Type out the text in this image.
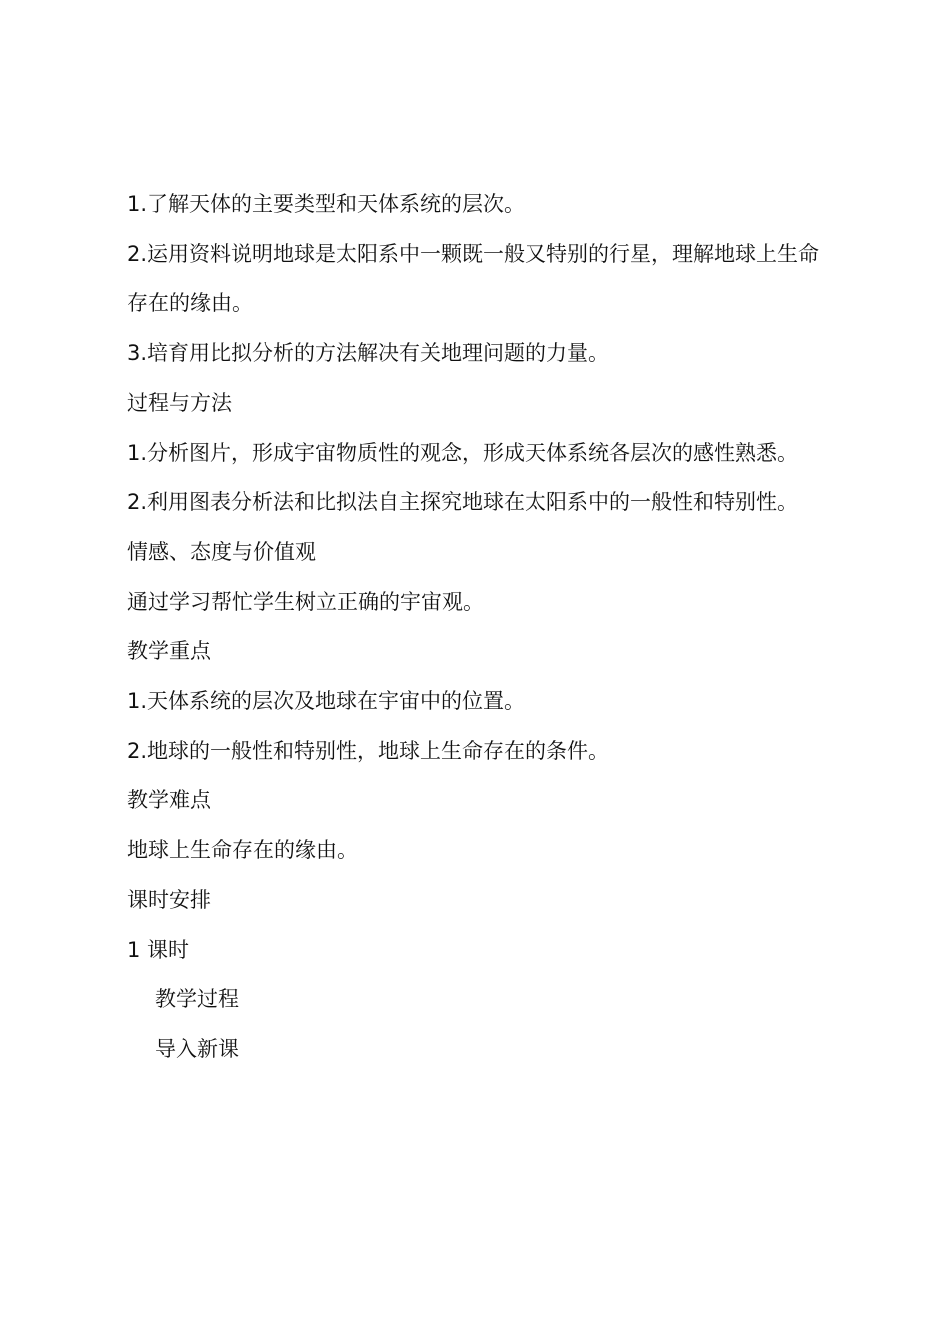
1.了解天体的主要类型和天体系统的层次。

2.运用资料说明地球是太阳系中一颗既一般又特别的行星，理解地球上生命存在的缘由。

3.培育用比拟分析的方法解决有关地理问题的力量。

过程与方法

1.分析图片，形成宇宙物质性的观念，形成天体系统各层次的感性熟悉。

2.利用图表分析法和比拟法自主探究地球在太阳系中的一般性和特别性。

情感、态度与价值观

通过学习帮忙学生树立正确的宇宙观。

教学重点

1.天体系统的层次及地球在宇宙中的位置。

2.地球的一般性和特别性，地球上生命存在的条件。

教学难点

地球上生命存在的缘由。

课时安排

1 课时

教学过程

导入新课
